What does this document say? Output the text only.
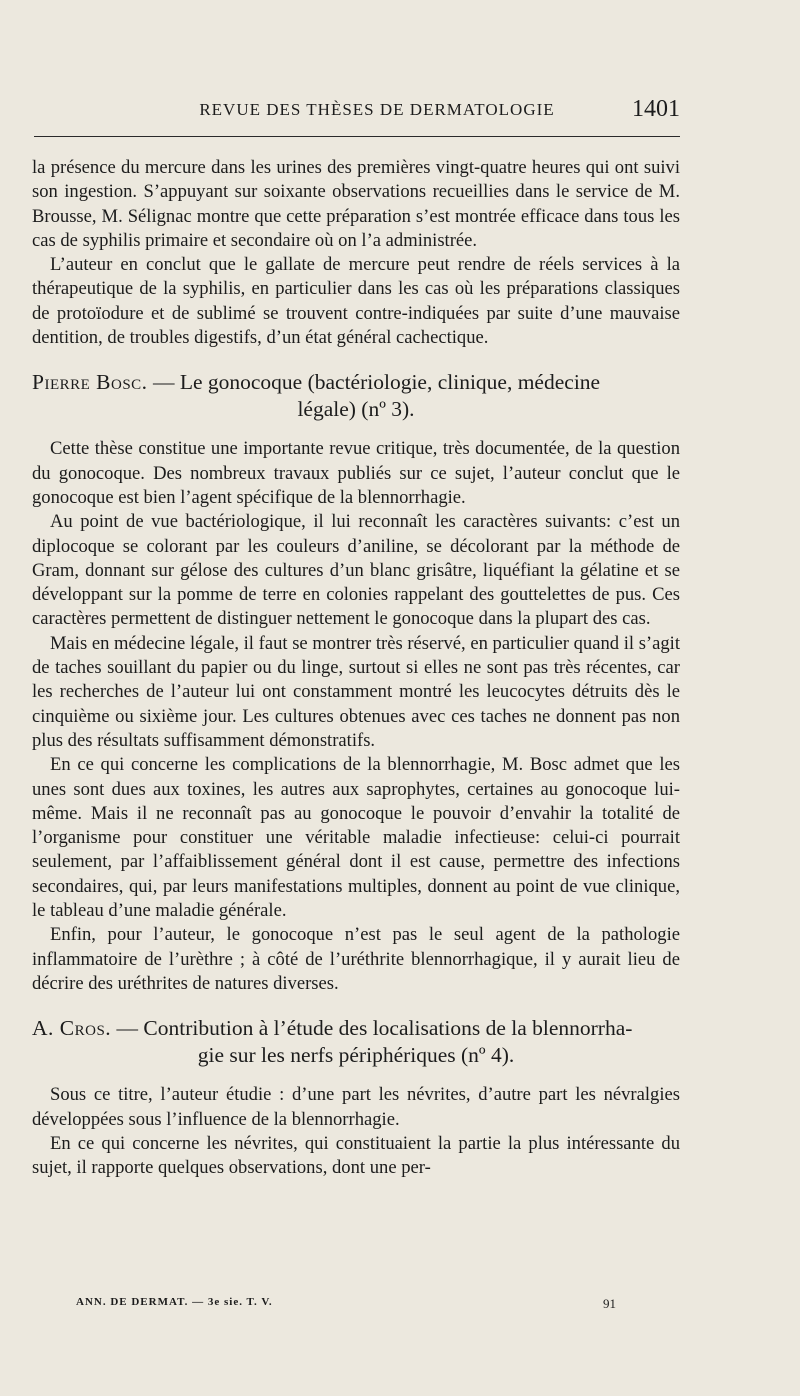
REVUE DES THÈSES DE DERMATOLOGIE	1401

la présence du mercure dans les urines des premières vingt-quatre heures qui ont suivi son ingestion. S’appuyant sur soixante observations recueillies dans le service de M. Brousse, M. Sélignac montre que cette préparation s’est montrée efficace dans tous les cas de syphilis primaire et secondaire où on l’a administrée.

L’auteur en conclut que le gallate de mercure peut rendre de réels services à la thérapeutique de la syphilis, en particulier dans les cas où les préparations classiques de protoïodure et de sublimé se trouvent contre-indiquées par suite d’une mauvaise dentition, de troubles digestifs, d’un état général cachectique.

Pierre Bosc. — Le gonocoque (bactériologie, clinique, médecine
légale) (nº 3).

Cette thèse constitue une importante revue critique, très documentée, de la question du gonocoque. Des nombreux travaux publiés sur ce sujet, l’auteur conclut que le gonocoque est bien l’agent spécifique de la blennorrhagie.

Au point de vue bactériologique, il lui reconnaît les caractères suivants: c’est un diplocoque se colorant par les couleurs d’aniline, se décolorant par la méthode de Gram, donnant sur gélose des cultures d’un blanc grisâtre, liquéfiant la gélatine et se développant sur la pomme de terre en colonies rappelant des gouttelettes de pus. Ces caractères permettent de distinguer nettement le gonocoque dans la plupart des cas.

Mais en médecine légale, il faut se montrer très réservé, en particulier quand il s’agit de taches souillant du papier ou du linge, surtout si elles ne sont pas très récentes, car les recherches de l’auteur lui ont constamment montré les leucocytes détruits dès le cinquième ou sixième jour. Les cultures obtenues avec ces taches ne donnent pas non plus des résultats suffisamment démonstratifs.

En ce qui concerne les complications de la blennorrhagie, M. Bosc admet que les unes sont dues aux toxines, les autres aux saprophytes, certaines au gonocoque lui-même. Mais il ne reconnaît pas au gonocoque le pouvoir d’envahir la totalité de l’organisme pour constituer une véritable maladie infectieuse: celui-ci pourrait seulement, par l’affaiblissement général dont il est cause, permettre des infections secondaires, qui, par leurs manifestations multiples, donnent au point de vue clinique, le tableau d’une maladie générale.

Enfin, pour l’auteur, le gonocoque n’est pas le seul agent de la pathologie inflammatoire de l’urèthre ; à côté de l’uréthrite blennorrhagique, il y aurait lieu de décrire des uréthrites de natures diverses.

A. Cros. — Contribution à l’étude des localisations de la blennorrha-
gie sur les nerfs périphériques (nº 4).

Sous ce titre, l’auteur étudie : d’une part les névrites, d’autre part les névralgies développées sous l’influence de la blennorrhagie.

En ce qui concerne les névrites, qui constituaient la partie la plus intéressante du sujet, il rapporte quelques observations, dont une per-

ANN. DE DERMAT. — 3e sie. T. V.	91
